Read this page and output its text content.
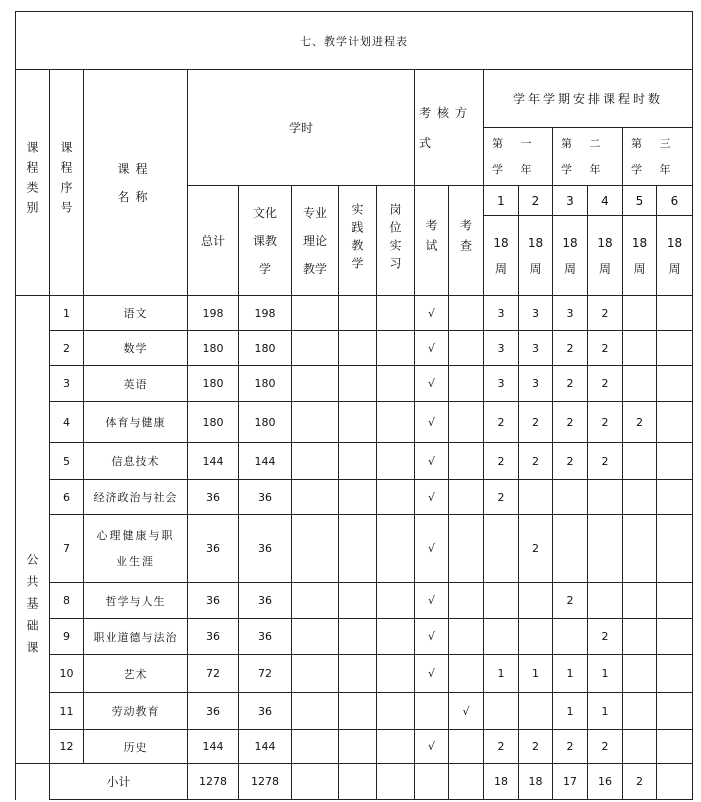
七、教学计划进程表															
课程类别	课程序号	课程名称	学时					考核方式		学年学期安排课程时数					
										第 一 学 年		第 二 学 年		第 三 学 年	
			总计	文化课教学	专业理论教学	实践教学	岗位实习	考试	考查	1	2	3	4	5	6
										18周	18周	18周	18周	18周	18周
公共基础课	1	语文	198	198				√		3	3	3	2		
	2	数学	180	180				√		3	3	2	2		
	3	英语	180	180				√		3	3	2	2		
	4	体育与健康	180	180				√		2	2	2	2	2	
	5	信息技术	144	144				√		2	2	2	2		
	6	经济政治与社会	36	36				√		2					
	7	心理健康与职业生涯	36	36				√			2				
	8	哲学与人生	36	36				√				2			
	9	职业道德与法治	36	36				√					2		
	10	艺术	72	72				√		1	1	1	1		
	11	劳动教育	36	36					√			1	1		
	12	历史	144	144				√		2	2	2	2		
	小计		1278	1278						18	18	17	16	2	
